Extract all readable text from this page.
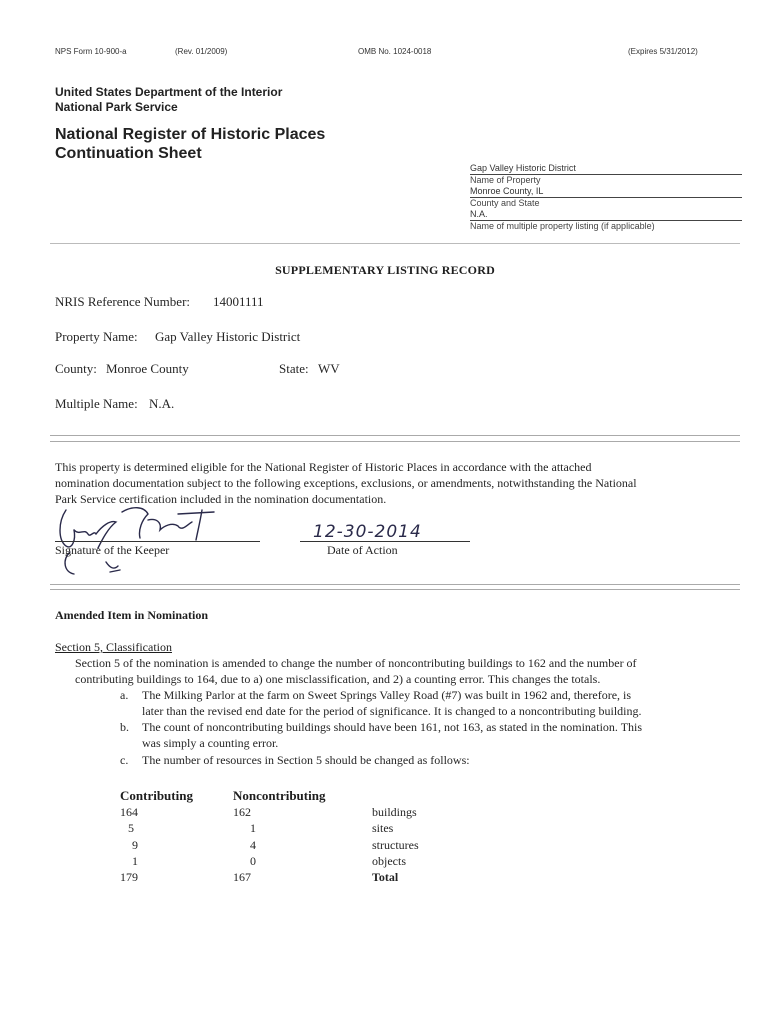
NPS Form 10-900-a	(Rev. 01/2009)	OMB No. 1024-0018	(Expires 5/31/2012)
United States Department of the Interior
National Park Service
National Register of Historic Places
Continuation Sheet
Gap Valley Historic District
Name of Property
Monroe County, IL
County and State
N.A.
Name of multiple property listing (if applicable)
SUPPLEMENTARY LISTING RECORD
NRIS Reference Number: 14001111
Property Name: Gap Valley Historic District
County: Monroe County	State: WV
Multiple Name: N.A.
This property is determined eligible for the National Register of Historic Places in accordance with the attached
nomination documentation subject to the following exceptions, exclusions, or amendments, notwithstanding the National
Park Service certification included in the nomination documentation.
Signature of the Keeper
12-30-2014
Date of Action
Amended Item in Nomination
Section 5, Classification
Section 5 of the nomination is amended to change the number of noncontributing buildings to 162 and the number of
contributing buildings to 164, due to a) one misclassification, and 2) a counting error. This changes the totals.
a. The Milking Parlor at the farm on Sweet Springs Valley Road (#7) was built in 1962 and, therefore, is
later than the revised end date for the period of significance. It is changed to a noncontributing building.
b. The count of noncontributing buildings should have been 161, not 163, as stated in the nomination. This
was simply a counting error.
c. The number of resources in Section 5 should be changed as follows:
Contributing	Noncontributing
164	162	buildings
5	1	sites
9	4	structures
1	0	objects
179	167	Total
